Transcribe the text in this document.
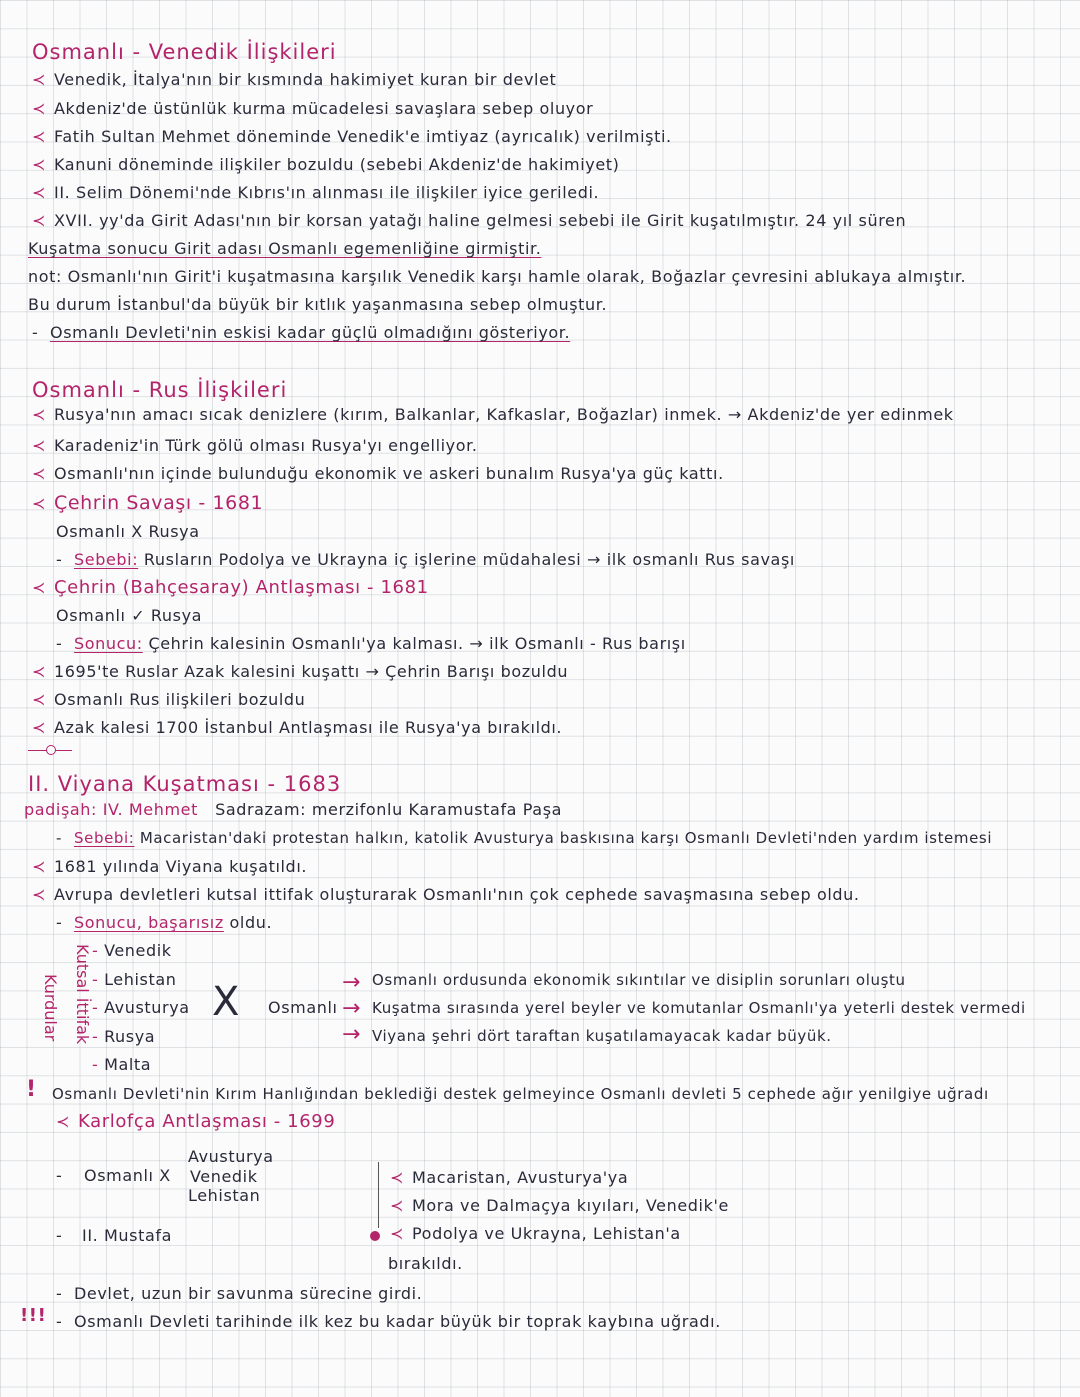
Osmanlı - Venedik İlişkileri
≺ Venedik, İtalya'nın bir kısmında hakimiyet kuran bir devlet
≺ Akdeniz'de üstünlük kurma mücadelesi savaşlara sebep oluyor
≺ Fatih Sultan Mehmet döneminde Venedik'e imtiyaz (ayrıcalık) verilmişti.
≺ Kanuni döneminde ilişkiler bozuldu (sebebi Akdeniz'de hakimiyet)
≺ II. Selim Dönemi'nde Kıbrıs'ın alınması ile ilişkiler iyice geriledi.
≺ XVII. yy'da Girit Adası'nın bir korsan yatağı haline gelmesi sebebi ile Girit kuşatılmıştır. 24 yıl süren
Kuşatma sonucu Girit adası Osmanlı egemenliğine girmiştir.
not: Osmanlı'nın Girit'i kuşatmasına karşılık Venedik karşı hamle olarak, Boğazlar çevresini ablukaya almıştır.
Bu durum İstanbul'da büyük bir kıtlık yaşanmasına sebep olmuştur.
- Osmanlı Devleti'nin eskisi kadar güçlü olmadığını gösteriyor.
Osmanlı - Rus İlişkileri
≺ Rusya'nın amacı sıcak denizlere (kırım, Balkanlar, Kafkaslar, Boğazlar) inmek. → Akdeniz'de yer edinmek
≺ Karadeniz'in Türk gölü olması Rusya'yı engelliyor.
≺ Osmanlı'nın içinde bulunduğu ekonomik ve askeri bunalım Rusya'ya güç kattı.
≺ Çehrin Savaşı - 1681
Osmanlı X Rusya
- Sebebi: Rusların Podolya ve Ukrayna iç işlerine müdahalesi → ilk osmanlı Rus savaşı
≺ Çehrin (Bahçesaray) Antlaşması - 1681
Osmanlı ✓ Rusya
- Sonucu: Çehrin kalesinin Osmanlı'ya kalması. → ilk Osmanlı - Rus barışı
≺ 1695'te Ruslar Azak kalesini kuşattı → Çehrin Barışı bozuldu
≺ Osmanlı Rus ilişkileri bozuldu
≺ Azak kalesi 1700 İstanbul Antlaşması ile Rusya'ya bırakıldı.
II. Viyana Kuşatması - 1683
padişah: IV. Mehmet Sadrazam: merzifonlu Karamustafa Paşa
- Sebebi: Macaristan'daki protestan halkın, katolik Avusturya baskısına karşı Osmanlı Devleti'nden yardım istemesi
≺ 1681 yılında Viyana kuşatıldı.
≺ Avrupa devletleri kutsal ittifak oluşturarak Osmanlı'nın çok cephede savaşmasına sebep oldu.
- Sonucu, başarısız oldu.
Kutsal İttifak
Kurdular
- Venedik
- Lehistan
- Avusturya
- Rusya
- Malta
X Osmanlı
→
→
→
Osmanlı ordusunda ekonomik sıkıntılar ve disiplin sorunları oluştu
Kuşatma sırasında yerel beyler ve komutanlar Osmanlı'ya yeterli destek vermedi
Viyana şehri dört taraftan kuşatılamayacak kadar büyük.
! Osmanlı Devleti'nin Kırım Hanlığından beklediği destek gelmeyince Osmanlı devleti 5 cephede ağır yenilgiye uğradı
≺ Karlofça Antlaşması - 1699
Avusturya
- Osmanlı X Venedik
Lehistan
- II. Mustafa
≺ Macaristan, Avusturya'ya
≺ Mora ve Dalmaçya kıyıları, Venedik'e
≺ Podolya ve Ukrayna, Lehistan'a
bırakıldı.
- Devlet, uzun bir savunma sürecine girdi.
!!! - Osmanlı Devleti tarihinde ilk kez bu kadar büyük bir toprak kaybına uğradı.
